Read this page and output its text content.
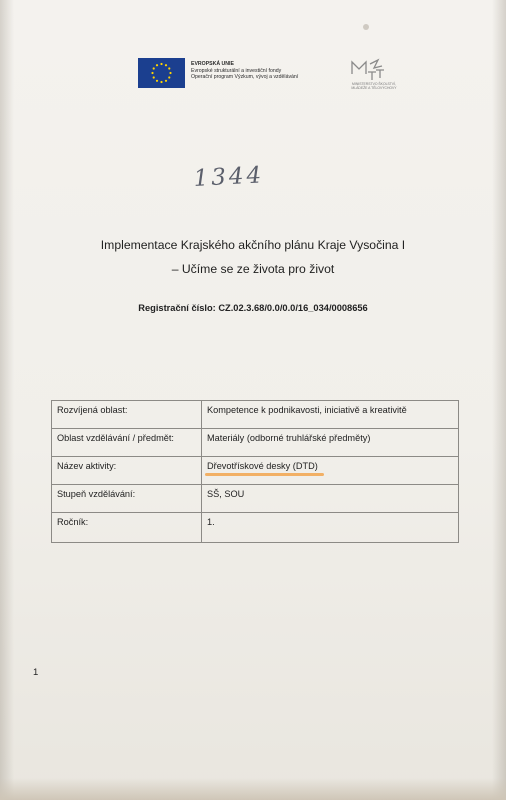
EVROPSKÁ UNIE
Evropské strukturální a investiční fondy
Operační program Výzkum, vývoj a vzdělávání
MINISTERSTVO ŠKOLSTVÍ, MLÁDEŽE A TĚLOVÝCHOVY
1344
Implementace Krajského akčního plánu Kraje Vysočina I
– Učíme se ze života pro život
Registrační číslo: CZ.02.3.68/0.0/0.0/16_034/0008656
Rozvíjená oblast:	Kompetence k podnikavosti, iniciativě a kreativitě
Oblast vzdělávání / předmět:	Materiály (odborné truhlářské předměty)
Název aktivity:	Dřevotřískové desky (DTD)
Stupeň vzdělávání:	SŠ, SOU
Ročník:	1.
1
